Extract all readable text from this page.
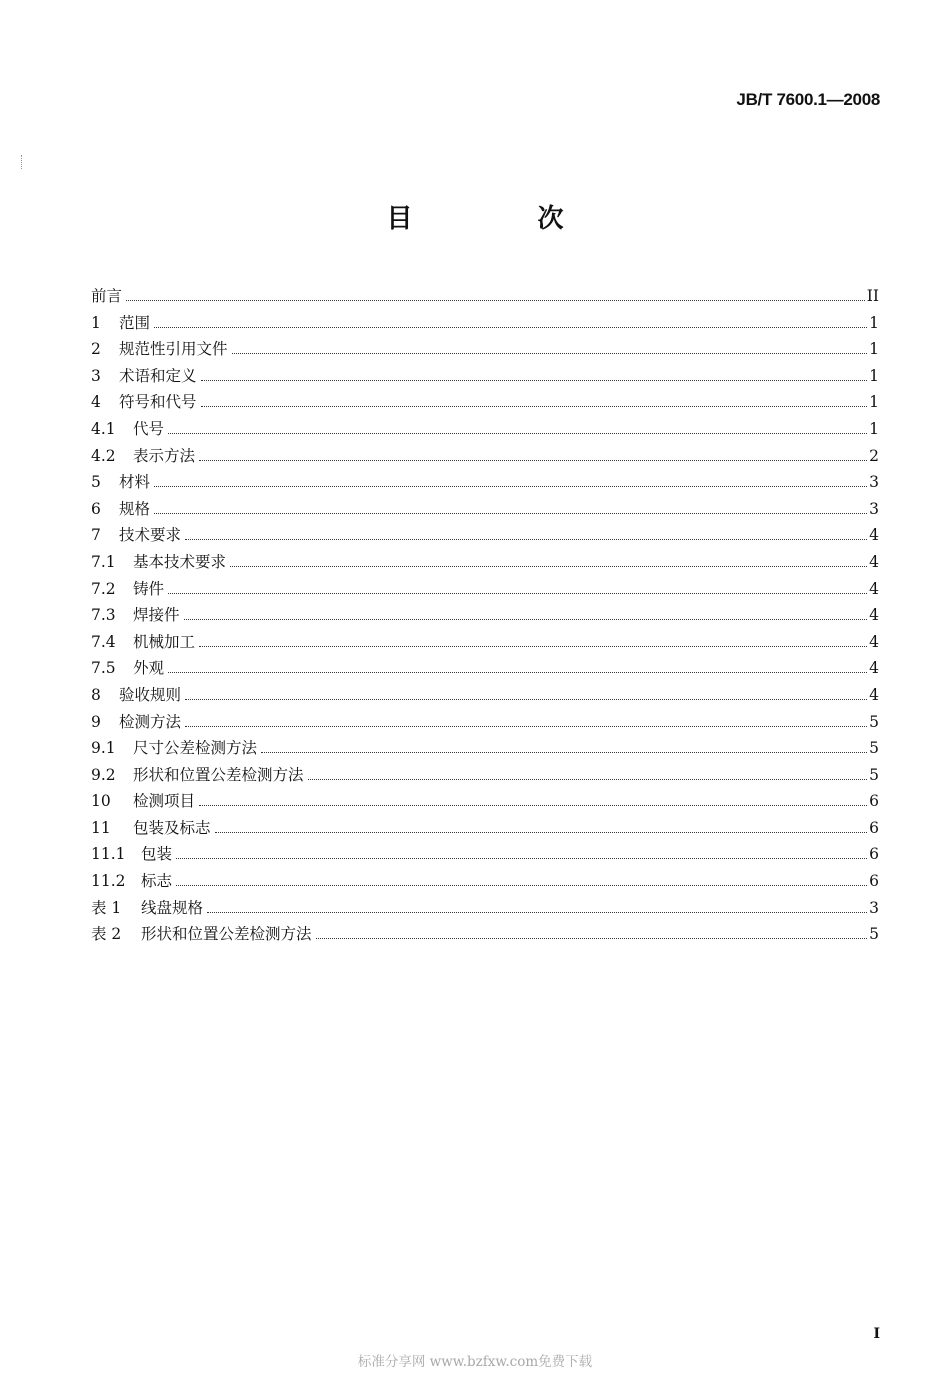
JB/T 7600.1—2008
目 次
前言	II
1	范围	1
2	规范性引用文件	1
3	术语和定义	1
4	符号和代号	1
4.1	代号	1
4.2	表示方法	2
5	材料	3
6	规格	3
7	技术要求	4
7.1	基本技术要求	4
7.2	铸件	4
7.3	焊接件	4
7.4	机械加工	4
7.5	外观	4
8	验收规则	4
9	检测方法	5
9.1	尺寸公差检测方法	5
9.2	形状和位置公差检测方法	5
10	检测项目	6
11	包装及标志	6
11.1 包装	6
11.2 标志	6
表 1	线盘规格	3
表 2	形状和位置公差检测方法	5
I
标准分享网 www.bzfxw.com免费下载
